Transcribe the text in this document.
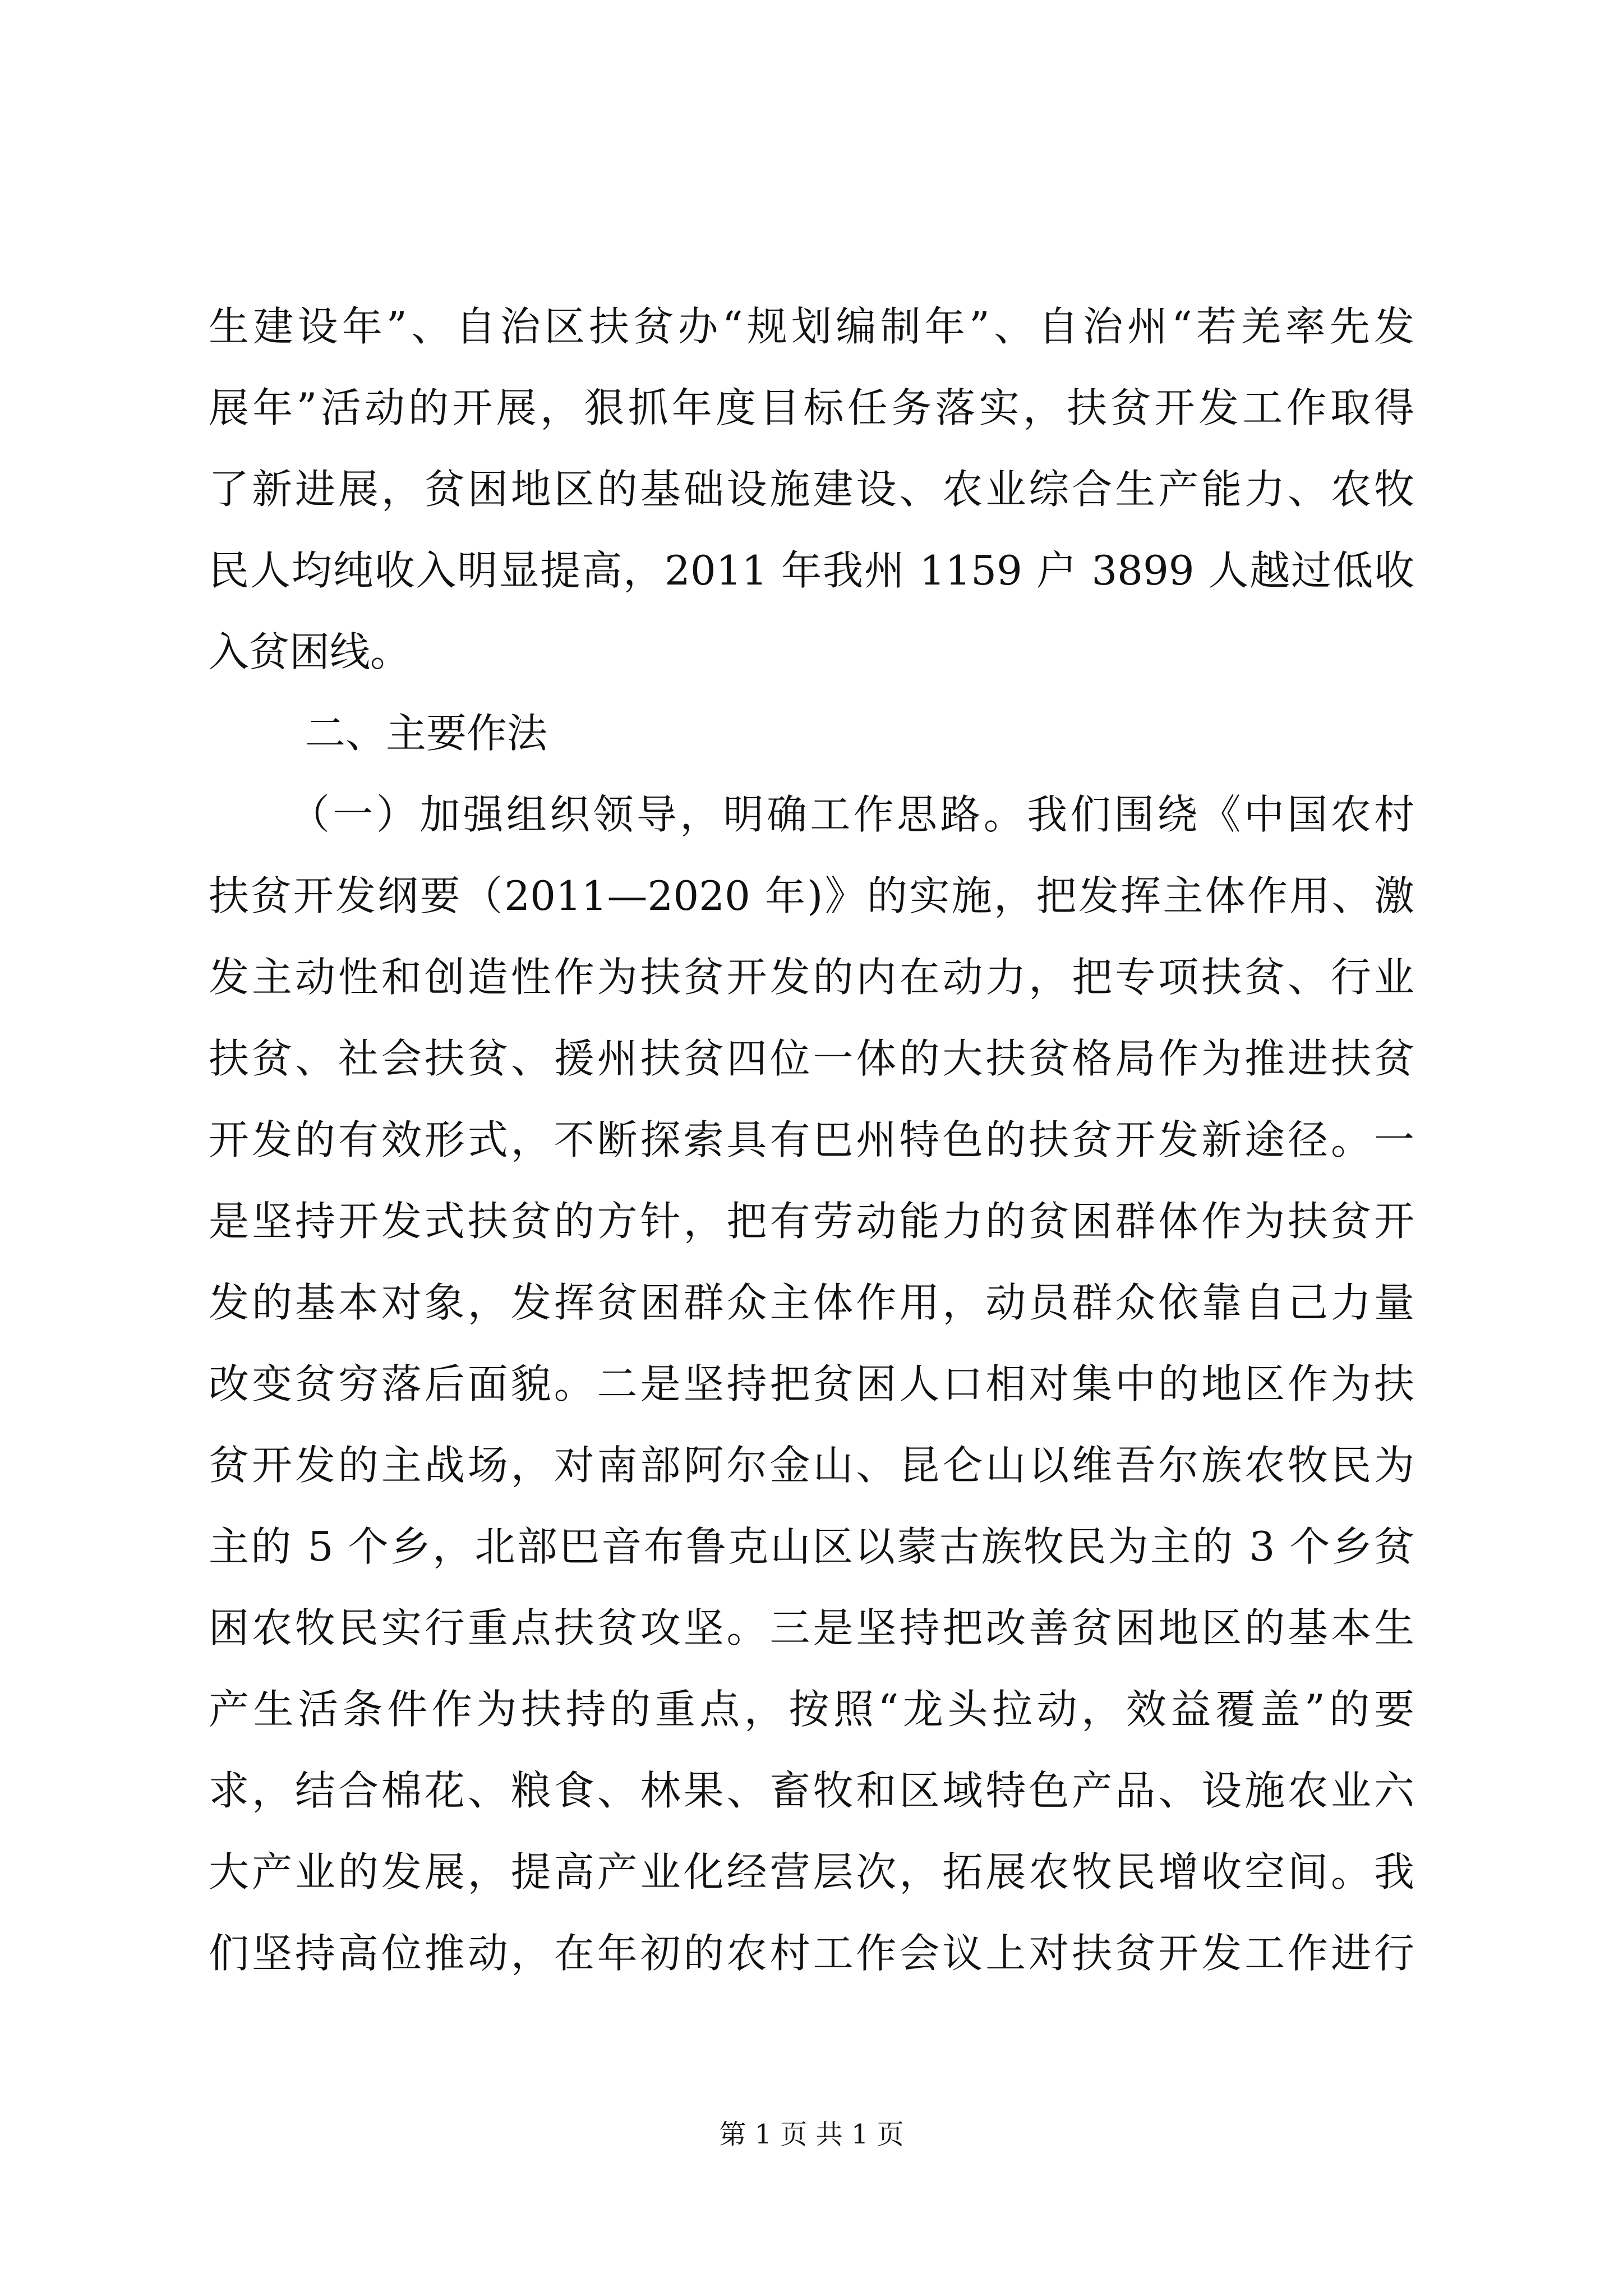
生建设年”、自治区扶贫办“规划编制年”、自治州“若羌率先发
展年”活动的开展，狠抓年度目标任务落实，扶贫开发工作取得
了新进展，贫困地区的基础设施建设、农业综合生产能力、农牧
民人均纯收入明显提高，2011 年我州 1159 户 3899 人越过低收
入贫困线。
二、主要作法
（一）加强组织领导，明确工作思路。我们围绕《中国农村
扶贫开发纲要（2011—2020 年)》的实施，把发挥主体作用、激
发主动性和创造性作为扶贫开发的内在动力，把专项扶贫、行业
扶贫、社会扶贫、援州扶贫四位一体的大扶贫格局作为推进扶贫
开发的有效形式，不断探索具有巴州特色的扶贫开发新途径。一
是坚持开发式扶贫的方针，把有劳动能力的贫困群体作为扶贫开
发的基本对象，发挥贫困群众主体作用，动员群众依靠自己力量
改变贫穷落后面貌。二是坚持把贫困人口相对集中的地区作为扶
贫开发的主战场，对南部阿尔金山、昆仑山以维吾尔族农牧民为
主的 5 个乡，北部巴音布鲁克山区以蒙古族牧民为主的 3 个乡贫
困农牧民实行重点扶贫攻坚。三是坚持把改善贫困地区的基本生
产生活条件作为扶持的重点，按照“龙头拉动，效益覆盖”的要
求，结合棉花、粮食、林果、畜牧和区域特色产品、设施农业六
大产业的发展，提高产业化经营层次，拓展农牧民增收空间。我
们坚持高位推动，在年初的农村工作会议上对扶贫开发工作进行
第 1 页 共 1 页
